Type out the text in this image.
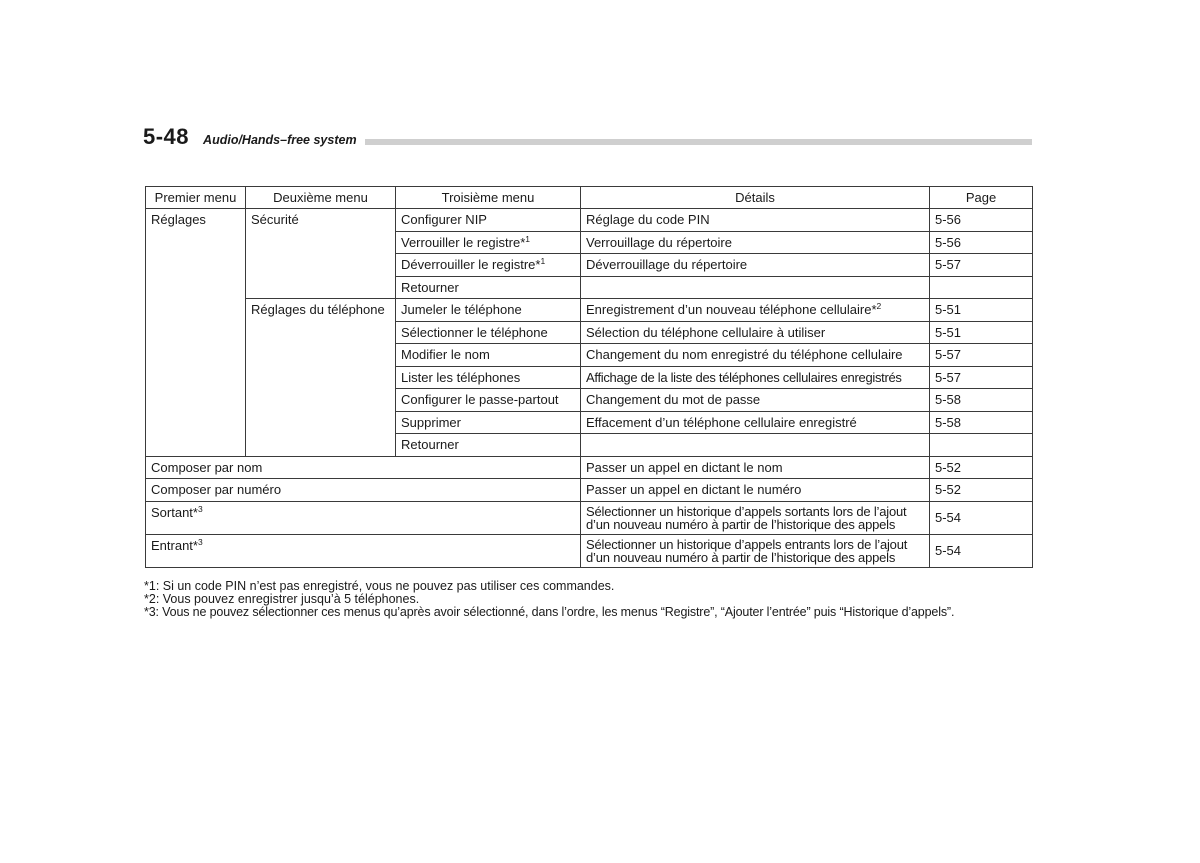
5-48 Audio/Hands–free system
Premier menu	Deuxième menu	Troisième menu	Détails	Page
Réglages	Sécurité	Configurer NIP	Réglage du code PIN	5-56
		Verrouiller le registre*$^1$	Verrouillage du répertoire	5-56
		Déverrouiller le registre*$^1$	Déverrouillage du répertoire	5-57
		Retourner		
	Réglages du téléphone	Jumeler le téléphone	Enregistrement d’un nouveau téléphone cellulaire*$^2$	5-51
		Sélectionner le téléphone	Sélection du téléphone cellulaire à utiliser	5-51
		Modifier le nom	Changement du nom enregistré du téléphone cellulaire	5-57
		Lister les téléphones	Affichage de la liste des téléphones cellulaires enregistrés	5-57
		Configurer le passe-partout	Changement du mot de passe	5-58
		Supprimer	Effacement d’un téléphone cellulaire enregistré	5-58
		Retourner		
Composer par nom			Passer un appel en dictant le nom	5-52
Composer par numéro			Passer un appel en dictant le numéro	5-52
Sortant*$^3$			Sélectionner un historique d’appels sortants lors de l’ajout
d’un nouveau numéro à partir de l’historique des appels	5-54
Entrant*$^3$			Sélectionner un historique d’appels entrants lors de l’ajout
d’un nouveau numéro à partir de l’historique des appels	5-54
*1: Si un code PIN n’est pas enregistré, vous ne pouvez pas utiliser ces commandes.
*2: Vous pouvez enregistrer jusqu’à 5 téléphones.
*3: Vous ne pouvez sélectionner ces menus qu’après avoir sélectionné, dans l’ordre, les menus “Registre”, “Ajouter l’entrée” puis “Historique d’appels”.
